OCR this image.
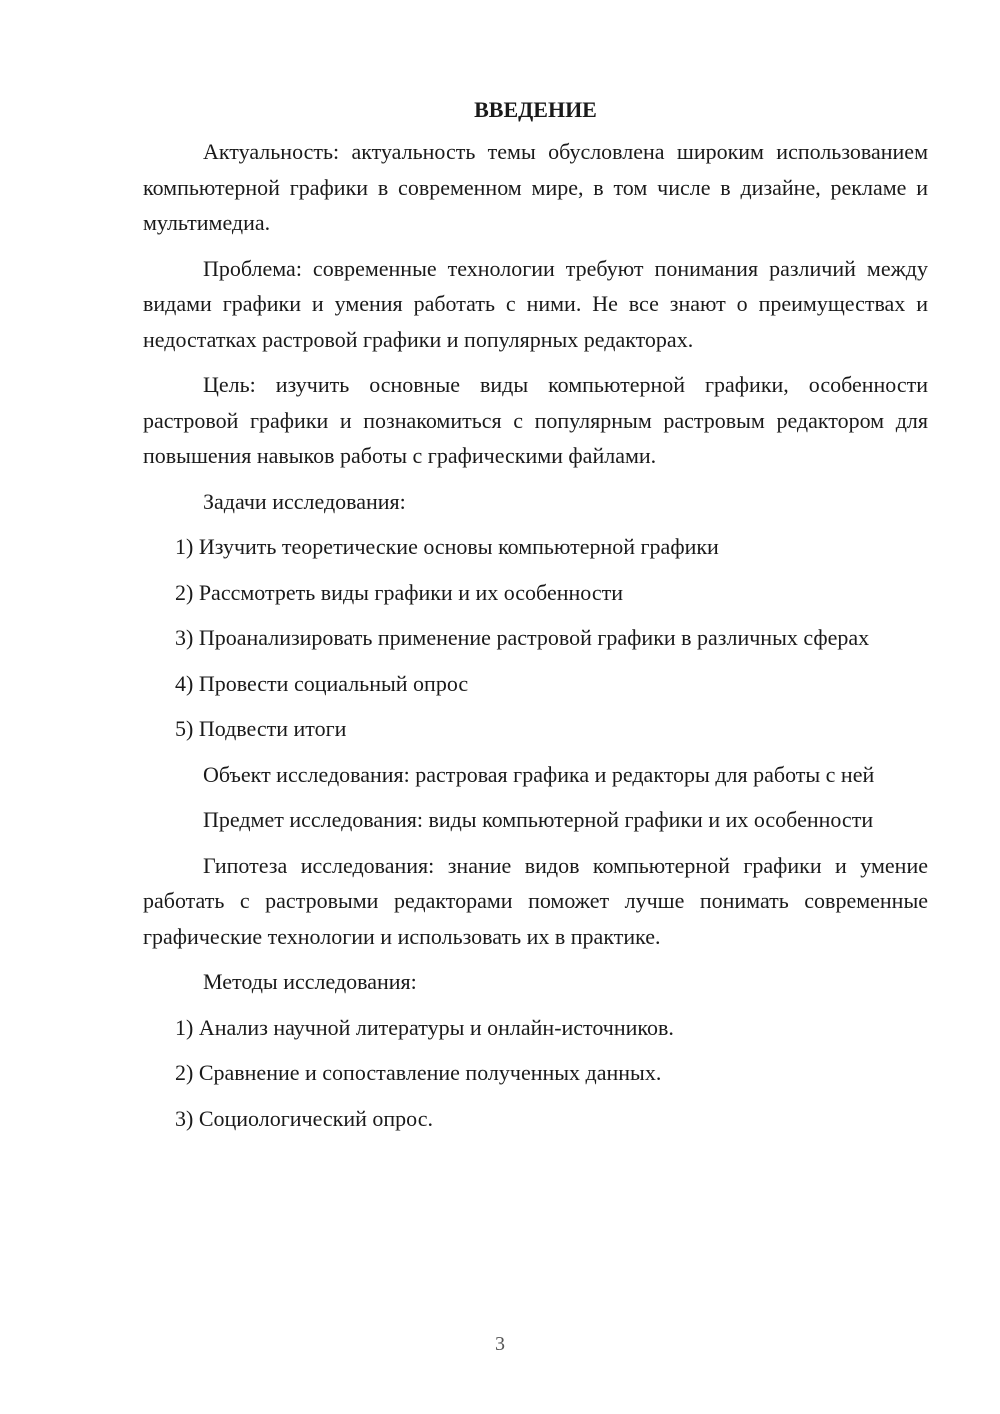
ВВЕДЕНИЕ

Актуальность: актуальность темы обусловлена широким использованием компьютерной графики в современном мире, в том числе в дизайне, рекламе и мультимедиа.

Проблема: современные технологии требуют понимания различий между видами графики и умения работать с ними. Не все знают о преимуществах и недостатках растровой графики и популярных редакторах.

Цель: изучить основные виды компьютерной графики, особенности растровой графики и познакомиться с популярным растровым редактором для повышения навыков работы с графическими файлами.

Задачи исследования:

1) Изучить теоретические основы компьютерной графики

2) Рассмотреть виды графики и их особенности

3) Проанализировать применение растровой графики в различных сферах

4) Провести социальный опрос

5) Подвести итоги

Объект исследования: растровая графика и редакторы для работы с ней

Предмет исследования: виды компьютерной графики и их особенности

Гипотеза исследования: знание видов компьютерной графики и умение работать с растровыми редакторами поможет лучше понимать современные графические технологии и использовать их в практике.

Методы исследования:

1) Анализ научной литературы и онлайн-источников.

2) Сравнение и сопоставление полученных данных.

3) Социологический опрос.

3
